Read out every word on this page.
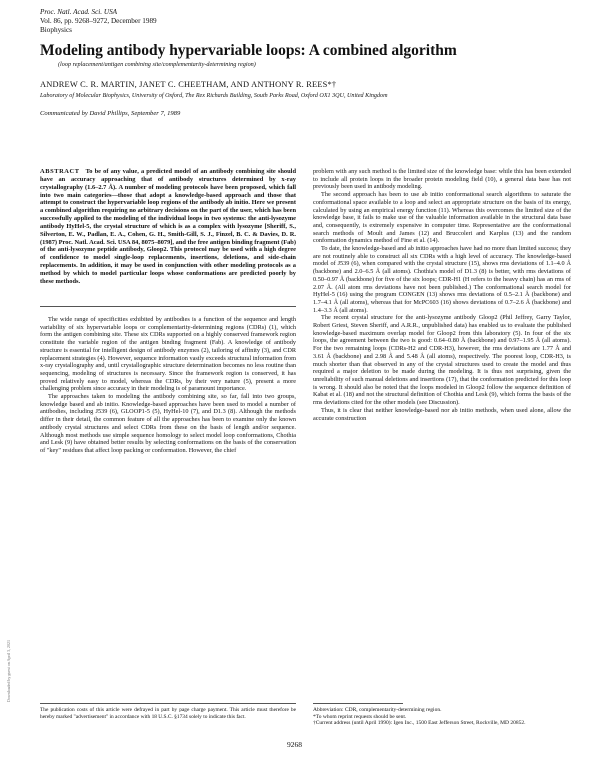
Proc. Natl. Acad. Sci. USA
Vol. 86, pp. 9268–9272, December 1989
Biophysics
Modeling antibody hypervariable loops: A combined algorithm
(loop replacement/antigen combining site/complementarity-determining region)
ANDREW C. R. MARTIN, JANET C. CHEETHAM, AND ANTHONY R. REES*†
Laboratory of Molecular Biophysics, University of Oxford, The Rex Richards Building, South Parks Road, Oxford OX1 3QU, United Kingdom
Communicated by David Phillips, September 7, 1989

ABSTRACT To be of any value, a predicted model of an antibody combining site should have an accuracy approaching that of antibody structures determined by x-ray crystallography (1.6–2.7 Å). A number of modeling protocols have been proposed, which fall into two main categories—those that adopt a knowledge-based approach and those that attempt to construct the hypervariable loop regions of the antibody ab initio. Here we present a combined algorithm requiring no arbitrary decisions on the part of the user, which has been successfully applied to the modeling of the individual loops in two systems: the anti-lysozyme antibody HyHel-5, the crystal structure of which is as a complex with lysozyme [Sheriff, S., Silverton, E. W., Padlan, E. A., Cohen, G. H., Smith-Gill, S. J., Finzel, B. C. & Davies, D. R. (1987) Proc. Natl. Acad. Sci. USA 84, 8075–8079], and the free antigen binding fragment (Fab) of the anti-lysozyme peptide antibody, Gloop2. This protocol may be used with a high degree of confidence to model single-loop replacements, insertions, deletions, and side-chain replacements. In addition, it may be used in conjunction with other modeling protocols as a method by which to model particular loops whose conformations are predicted poorly by these methods.

The wide range of specificities exhibited by antibodies is a function of the sequence and length variability of six hypervariable loops or complementarity-determining regions (CDRs) (1), which form the antigen combining site. These six CDRs supported on a highly conserved framework region constitute the variable region of the antigen binding fragment (Fab). A knowledge of antibody structure is essential for intelligent design of antibody enzymes (2), tailoring of affinity (3), and CDR replacement strategies (4). However, sequence information vastly exceeds structural information from x-ray crystallography and, until crystallographic structure determination becomes no less routine than sequencing, modeling of structures is necessary. Since the framework region is conserved, it has proved relatively easy to model, whereas the CDRs, by their very nature (5), present a more challenging problem since accuracy in their modeling is of paramount importance.

The approaches taken to modeling the antibody combining site, so far, fall into two groups, knowledge based and ab initio. Knowledge-based approaches have been used to model a number of antibodies, including J539 (6), GLOOP1-5 (5), HyHel-10 (7), and D1.3 (8). Although the methods differ in their detail, the common feature of all the approaches has been to examine only the known antibody crystal structures and select CDRs from these on the basis of length and/or sequence. Although most methods use simple sequence homology to select model loop conformations, Chothia and Lesk (9) have obtained better results by selecting conformations on the basis of the conservation of "key" residues that affect loop packing or conformation. However, the chief

problem with any such method is the limited size of the knowledge base: while this has been extended to include all protein loops in the broader protein modeling field (10), a general data base has not previously been used in antibody modeling.

The second approach has been to use ab initio conformational search algorithms to saturate the conformational space available to a loop and select an appropriate structure on the basis of its energy, calculated by using an empirical energy function (11). Whereas this overcomes the limited size of the knowledge base, it fails to make use of the valuable information available in the structural data base and, consequently, is extremely expensive in computer time. Representative are the conformational search methods of Moult and James (12) and Bruccoleri and Karplus (13) and the random conformation dynamics method of Fine et al. (14).

To date, the knowledge-based and ab initio approaches have had no more than limited success; they are not routinely able to construct all six CDRs with a high level of accuracy. The knowledge-based model of J539 (6), when compared with the crystal structure (15), shows rms deviations of 1.1–4.0 Å (backbone) and 2.0–6.5 Å (all atoms). Chothia's model of D1.3 (8) is better, with rms deviations of 0.50–0.97 Å (backbone) for five of the six loops; CDR-H1 (H refers to the heavy chain) has an rms of 2.07 Å. (All atom rms deviations have not been published.) The conformational search model for HyHel-5 (16) using the program CONGEN (13) shows rms deviations of 0.5–2.1 Å (backbone) and 1.7–4.1 Å (all atoms), whereas that for McPC603 (16) shows deviations of 0.7–2.6 Å (backbone) and 1.4–3.3 Å (all atoms).

The recent crystal structure for the anti-lysozyme antibody Gloop2 (Phil Jeffrey, Garry Taylor, Robert Griest, Steven Sheriff, and A.R.R., unpublished data) has enabled us to evaluate the published knowledge-based maximum overlap model for Gloop2 from this laboratory (5). In four of the six loops, the agreement between the two is good: 0.64–0.80 Å (backbone) and 0.97–1.95 Å (all atoms). For the two remaining loops (CDRs-H2 and CDR-H3), however, the rms deviations are 1.77 Å and 3.61 Å (backbone) and 2.98 Å and 5.48 Å (all atoms), respectively. The poorest loop, CDR-H3, is much shorter than that observed in any of the crystal structures used to create the model and thus required a major deletion to be made during the modeling. It is thus not surprising, given the unreliability of such manual deletions and insertions (17), that the conformation predicted for this loop is wrong. It should also be noted that the loops modeled in Gloop2 follow the sequence definition of Kabat et al. (18) and not the structural definition of Chothia and Lesk (9), which forms the basis of the rms deviations cited for the other models (see Discussion).

Thus, it is clear that neither knowledge-based nor ab initio methods, when used alone, allow the accurate construction

The publication costs of this article were defrayed in part by page charge payment. This article must therefore be hereby marked "advertisement" in accordance with 18 U.S.C. §1734 solely to indicate this fact.
Abbreviation: CDR, complementarity-determining region.
*To whom reprint requests should be sent.
†Current address (until April 1990): Igen Inc., 1500 East Jefferson Street, Rockville, MD 20852.
9268
Downloaded by guest on April 3, 2021
